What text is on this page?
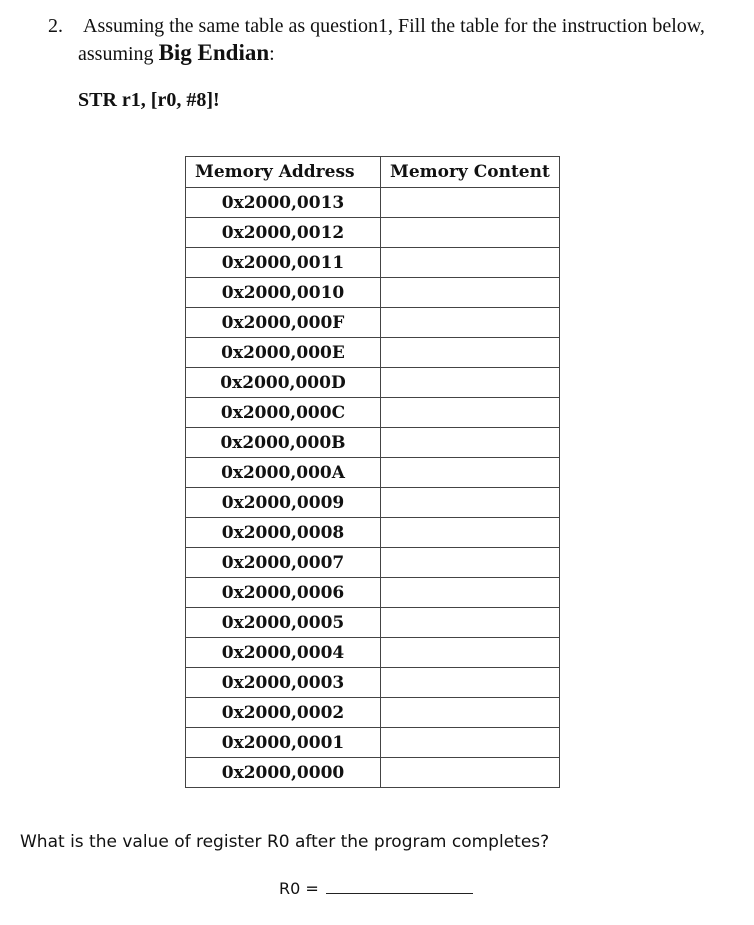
2. Assuming the same table as question1, Fill the table for the instruction below,
assuming Big Endian:
STR r1, [r0, #8]!
Memory Address	Memory Content
0x2000,0013	
0x2000,0012	
0x2000,0011	
0x2000,0010	
0x2000,000F	
0x2000,000E	
0x2000,000D	
0x2000,000C	
0x2000,000B	
0x2000,000A	
0x2000,0009	
0x2000,0008	
0x2000,0007	
0x2000,0006	
0x2000,0005	
0x2000,0004	
0x2000,0003	
0x2000,0002	
0x2000,0001	
0x2000,0000	
What is the value of register R0 after the program completes?
R0 =
